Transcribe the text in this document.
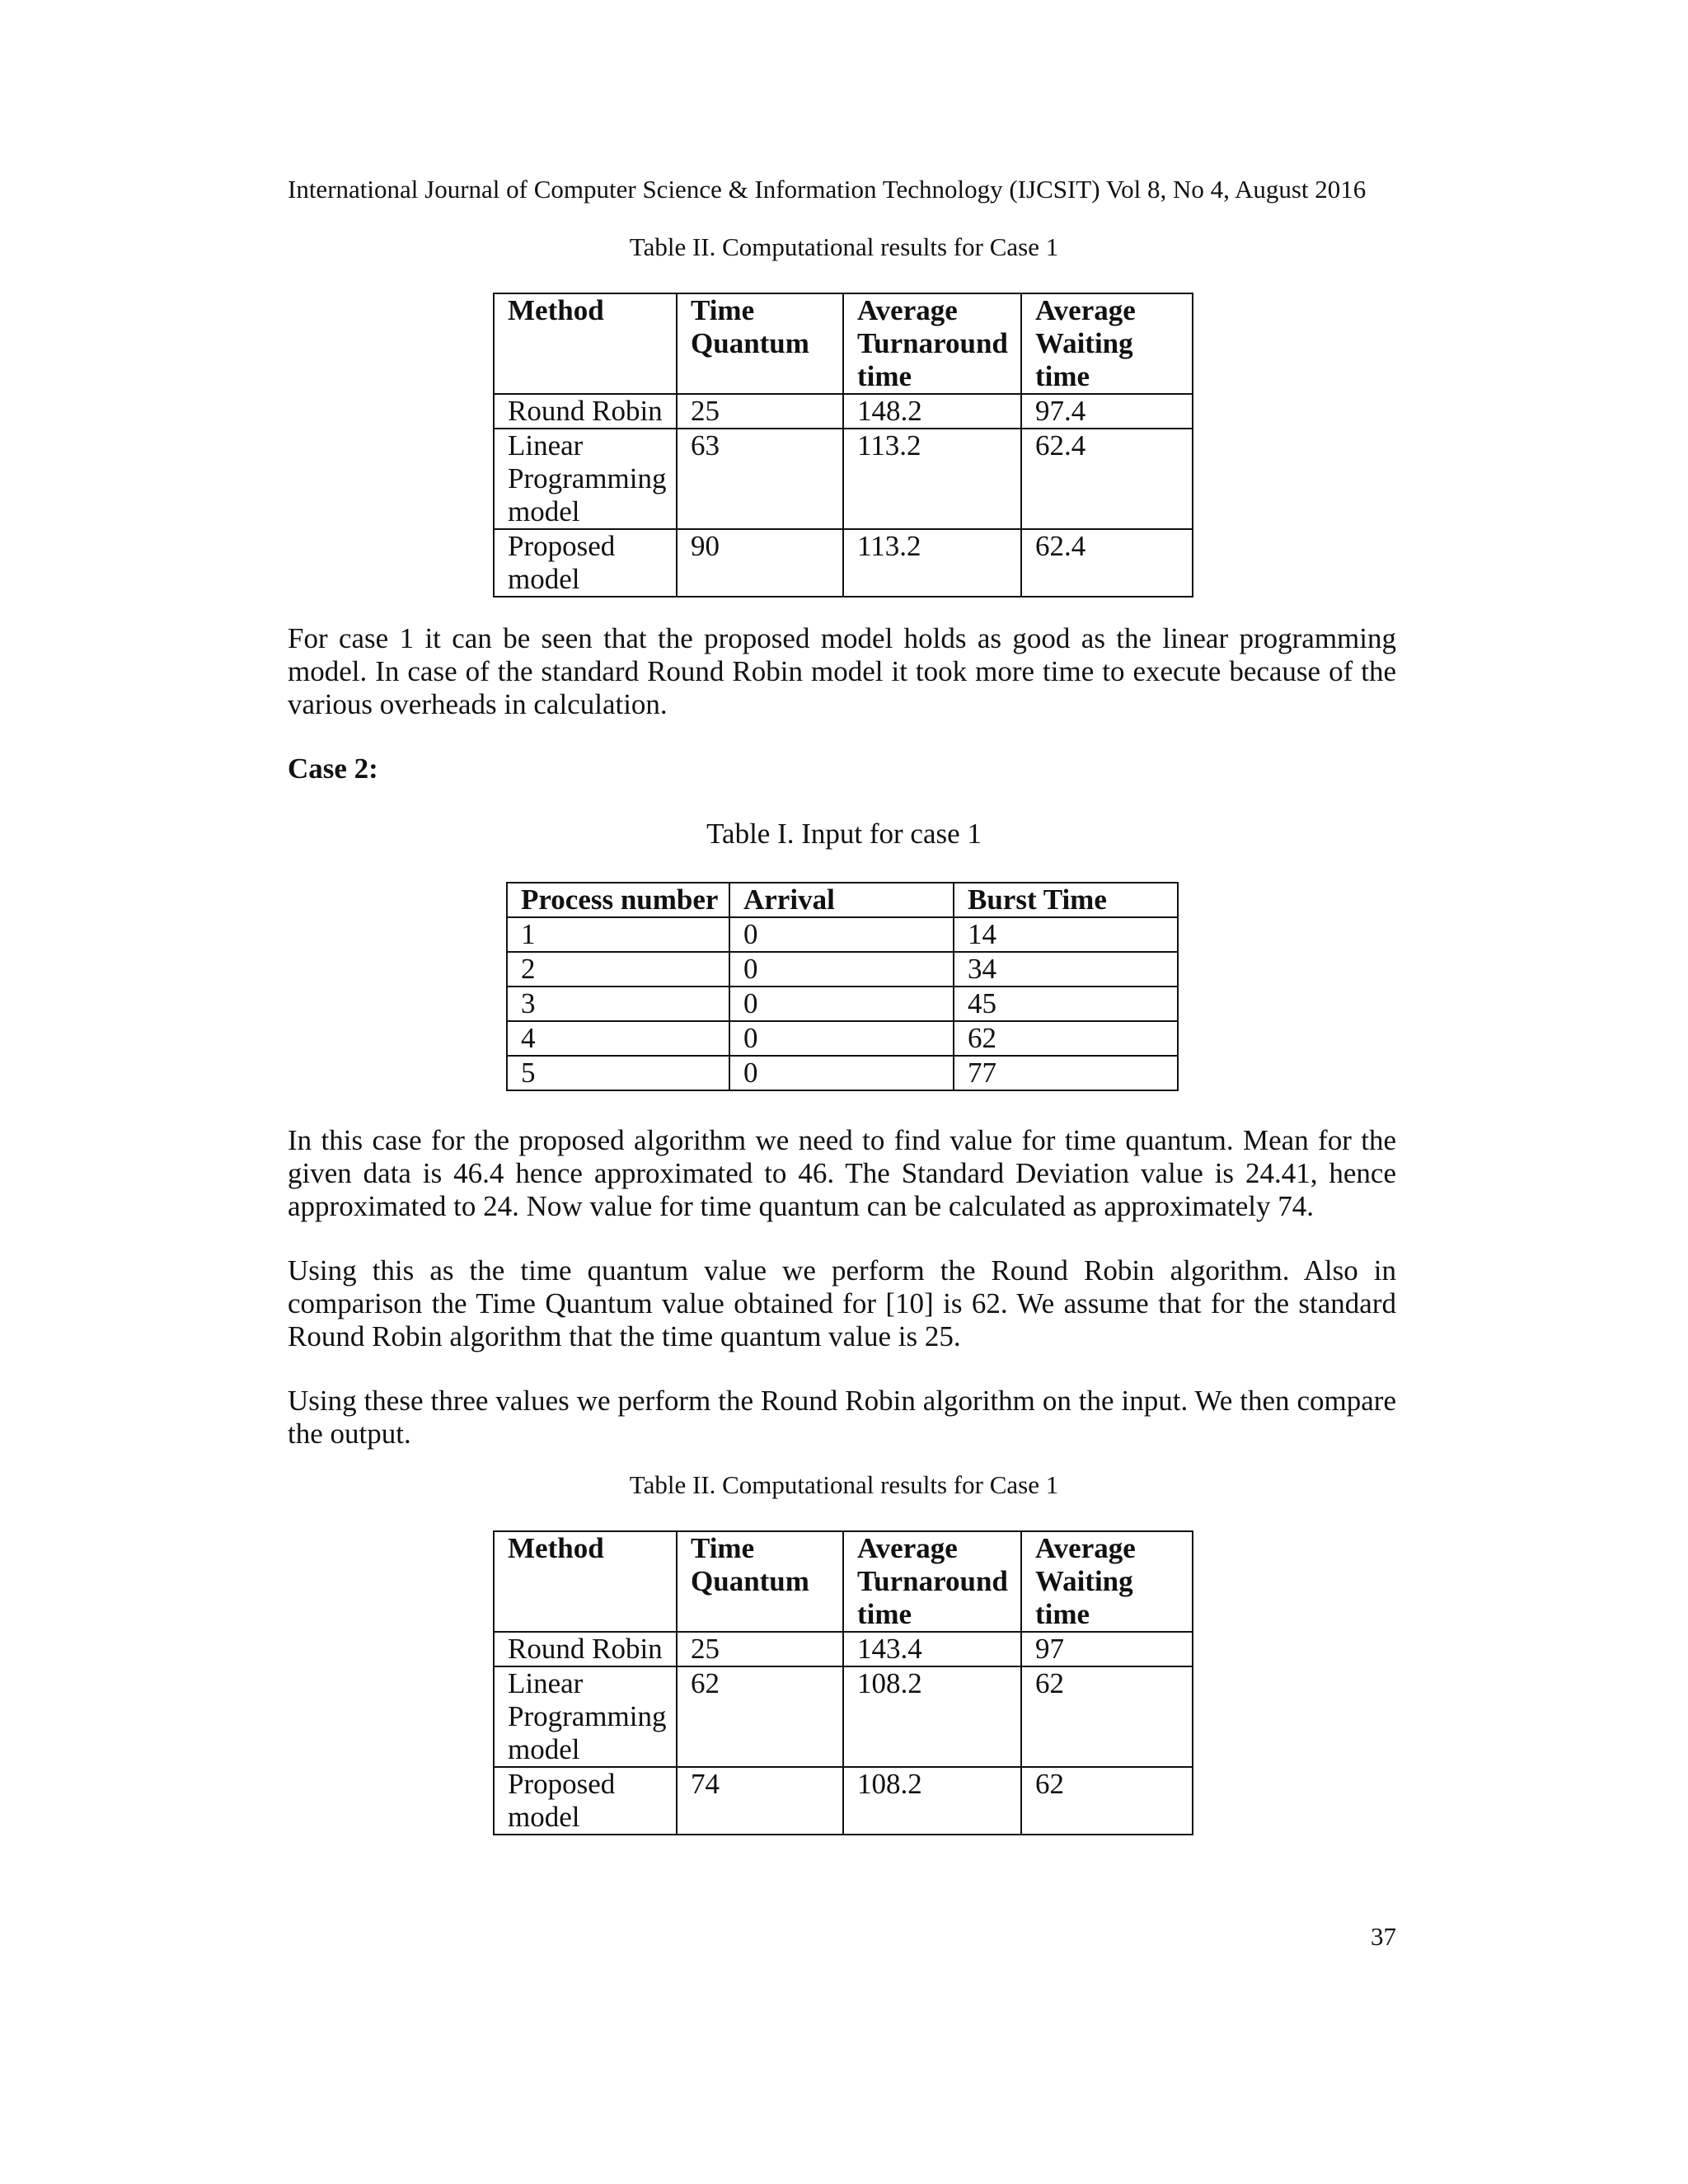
International Journal of Computer Science & Information Technology (IJCSIT) Vol 8, No 4, August 2016
Table II. Computational results for Case 1
Method	Time Quantum	Average Turnaround time	Average Waiting time
Round Robin	25	148.2	97.4
Linear Programming model	63	113.2	62.4
Proposed model	90	113.2	62.4
For case 1 it can be seen that the proposed model holds as good as the linear programming model. In case of the standard Round Robin model it took more time to execute because of the various overheads in calculation.
Case 2:
Table I. Input for case 1
Process number	Arrival	Burst Time
1	0	14
2	0	34
3	0	45
4	0	62
5	0	77
In this case for the proposed algorithm we need to find value for time quantum. Mean for the given data is 46.4 hence approximated to 46. The Standard Deviation value is 24.41, hence approximated to 24. Now value for time quantum can be calculated as approximately 74.
Using this as the time quantum value we perform the Round Robin algorithm. Also in comparison the Time Quantum value obtained for [10] is 62. We assume that for the standard Round Robin algorithm that the time quantum value is 25.
Using these three values we perform the Round Robin algorithm on the input. We then compare the output.
Table II. Computational results for Case 1
Method	Time Quantum	Average Turnaround time	Average Waiting time
Round Robin	25	143.4	97
Linear Programming model	62	108.2	62
Proposed model	74	108.2	62
37
